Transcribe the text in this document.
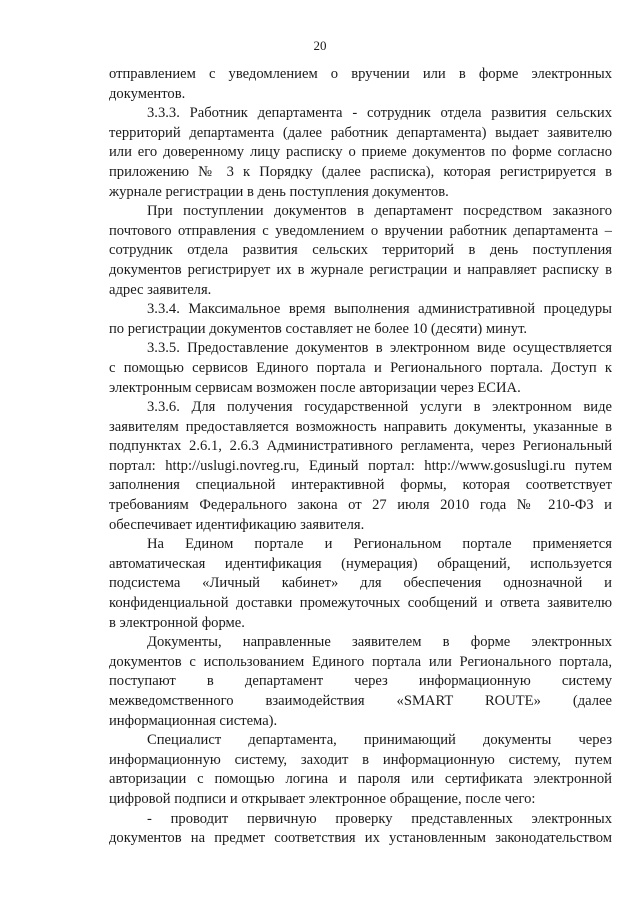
20
отправлением с уведомлением о вручении или в форме электронных
документов.
3.3.3. Работник департамента - сотрудник отдела развития сельских
территорий департамента (далее работник департамента) выдает заявителю
или его доверенному лицу расписку о приеме документов по форме согласно
приложению № 3 к Порядку (далее расписка), которая регистрируется в
журнале регистрации в день поступления документов.
При поступлении документов в департамент посредством заказного
почтового отправления с уведомлением о вручении работник департамента –
сотрудник отдела развития сельских территорий в день поступления
документов регистрирует их в журнале регистрации и направляет расписку в
адрес заявителя.
3.3.4. Максимальное время выполнения административной процедуры
по регистрации документов составляет не более 10 (десяти) минут.
3.3.5. Предоставление документов в электронном виде осуществляется
с помощью сервисов Единого портала и Регионального портала. Доступ к
электронным сервисам возможен после авторизации через ЕСИА.
3.3.6. Для получения государственной услуги в электронном виде
заявителям предоставляется возможность направить документы, указанные в
подпунктах 2.6.1, 2.6.3 Административного регламента, через Региональный
портал: http://uslugi.novreg.ru, Единый портал: http://www.gosuslugi.ru путем
заполнения специальной интерактивной формы, которая соответствует
требованиям Федерального закона от 27 июля 2010 года № 210-ФЗ и
обеспечивает идентификацию заявителя.
На Едином портале и Региональном портале применяется
автоматическая идентификация (нумерация) обращений, используется
подсистема «Личный кабинет» для обеспечения однозначной и
конфиденциальной доставки промежуточных сообщений и ответа заявителю
в электронной форме.
Документы, направленные заявителем в форме электронных
документов с использованием Единого портала или Регионального портала,
поступают в департамент через информационную систему
межведомственного взаимодействия «SMART ROUTE» (далее
информационная система).
Специалист департамента, принимающий документы через
информационную систему, заходит в информационную систему, путем
авторизации с помощью логина и пароля или сертификата электронной
цифровой подписи и открывает электронное обращение, после чего:
- проводит первичную проверку представленных электронных
документов на предмет соответствия их установленным законодательством
